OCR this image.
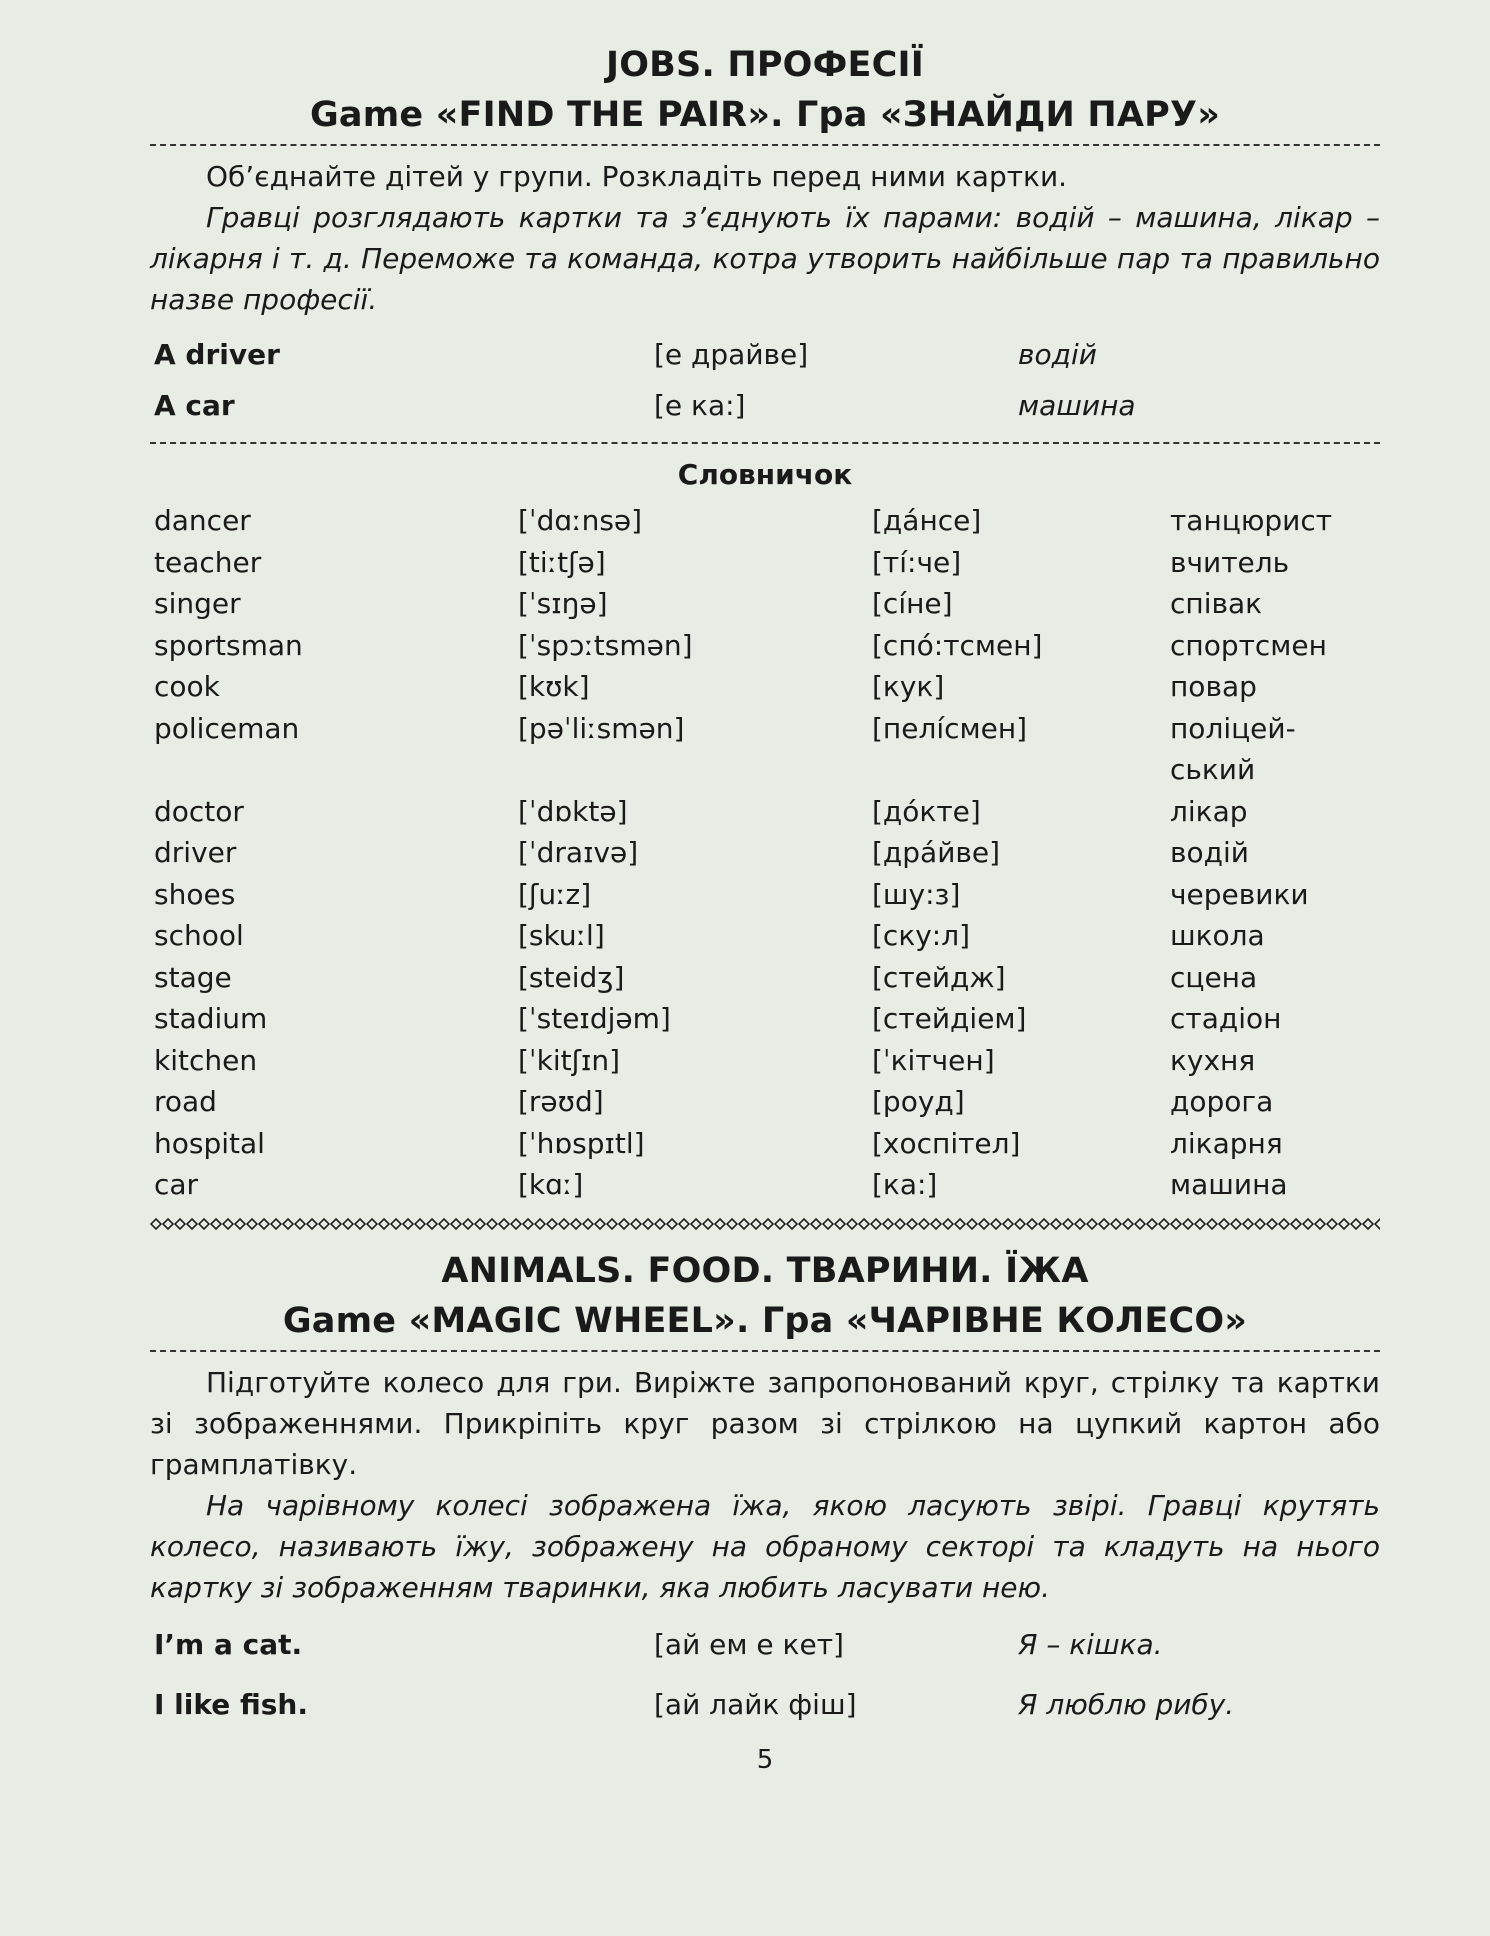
JOBS. ПРОФЕСІЇ
Game «FIND THE PAIR». Гра «ЗНАЙДИ ПАРУ»

Об’єднайте дітей у групи. Розкладіть перед ними картки.

Гравці розглядають картки та з’єднують їх парами: водій – машина, лікар – лікарня і т. д. Переможе та команда, котра утворить найбільше пар та правильно назве професії.

A driver	[е драйве]	водій
A car	[е ка:]	машина

Словничок

dancer	[ˈdɑːnsə]	[да́нсе]	танцюрист
teacher	[tiːtʃə]	[ті́:че]	вчитель
singer	[ˈsɪŋə]	[сі́не]	співак
sportsman	[ˈspɔːtsmən]	[спо́:тсмен]	спортсмен
cook	[kʊk]	[кук]	повар
policeman	[pəˈliːsmən]	[пелі́смен]	поліцей-ський
doctor	[ˈdɒktə]	[до́кте]	лікар
driver	[ˈdraɪvə]	[дра́йве]	водій
shoes	[ʃuːz]	[шу:з]	черевики
school	[skuːl]	[ску:л]	школа
stage	[steidʒ]	[стейдж]	сцена
stadium	[ˈsteɪdjəm]	[стейдіем]	стадіон
kitchen	[ˈkitʃɪn]	[ˈкітчен]	кухня
road	[rəʊd]	[роуд]	дорога
hospital	[ˈhɒspɪtl]	[хоспітел]	лікарня
car	[kɑː]	[ка:]	машина
ANIMALS. FOOD. ТВАРИНИ. ЇЖА
Game «MAGIC WHEEL». Гра «ЧАРІВНЕ КОЛЕСО»

Підготуйте колесо для гри. Виріжте запропонований круг, стрілку та картки зі зображеннями. Прикріпіть круг разом зі стрілкою на цупкий картон або грамплатівку.

На чарівному колесі зображена їжа, якою ласують звірі. Гравці крутять колесо, називають їжу, зображену на обраному секторі та кладуть на нього картку зі зображенням тваринки, яка любить ласувати нею.

I’m a cat.	[ай ем е кет]	Я – кішка.
I like fish.	[ай лайк фіш]	Я люблю рибу.
5
